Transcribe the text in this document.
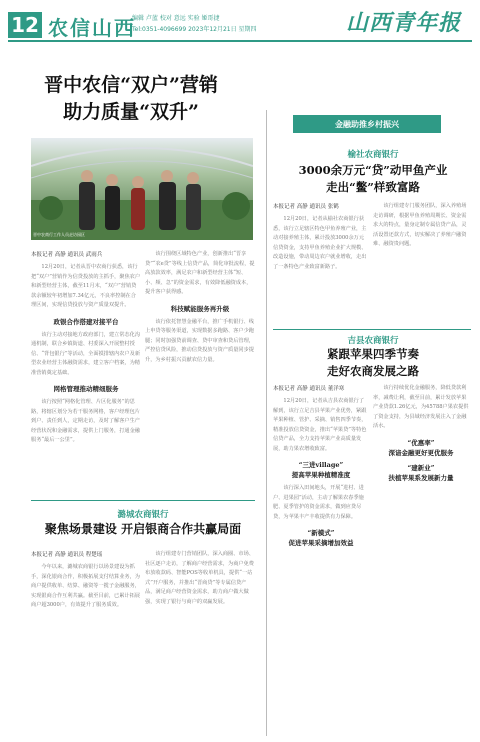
12 农信山西
编辑 卢蓝 校对 意远 实验 姬哥捷
Tel:0351-4096699 2023年12月21日 星期四	山西青年报
晋中农信“双户”营销
助力质量“双升”
晋中农商行工作人员走访园区
本报记者 高静 通讯员 武雨兵

12月20日，记者从晋中农商行获悉，该行把“双户”营销作为信贷投放的主抓手，聚焦农户和新型经营主体，截至11月末，“双户”营销贷款余额较年初增加7.34亿元，不良率控制在合理区间，实现信贷投放与资产质量双提升。

政银合作搭建对接平台

该行主动对接地方政府部门，建立常态化沟通机制，联合乡镇街道、村委深入开展整村授信、“背包银行”等活动，全面摸排辖内农户及新型农业经营主体融资需求，建立客户档案，为精准营销奠定基础。

网格管理推动精细服务

该行按照“网格化管理、片区化服务”的思路，将辖区划分为若干服务网格，客户经理包片到户、责任到人，定期走访，及时了解客户生产经营状况和金融需求，提供上门服务，打通金融服务“最后一公里”。

该行围绕区域特色产业，创新推出“晋享贷”“农e贷”等线上信贷产品，简化审批流程，提高放款效率，满足农户和新型经营主体“短、小、频、急”的资金需求，有效降低融资成本，提升客户获得感。

科技赋能服务再升级

该行依托智慧金融平台，推广手机银行、线上申贷等服务渠道，实现数据多跑路、客户少跑腿；同时加强贷前调查、贷中审查和贷后管理，严控信贷风险，推动信贷投放与资产质量同步提升，为乡村振兴贡献农信力量。

潞城农商银行
聚焦场景建设 开启银商合作共赢局面
本报记者 高静 通讯员 程楚瑶

今年以来，潞城农商银行以场景建设为抓手，深化银商合作，积极拓展支付结算业务，为商户提供收单、结算、融资等一揽子金融服务，实现银商合作互利共赢。截至目前，已累计拓展商户超3000户，有效提升了服务质效。

该行组建专门营销团队，深入商圈、市场、社区逐户走访，了解商户经营需求，为商户免费布放收款码、智能POS等收单机具，提供“一站式”开户服务，并推出“晋商贷”等专属信贷产品，满足商户经营资金需求，助力商户做大做强，实现了银行与商户的双赢发展。

金融助推乡村振兴
榆社农商银行
3000余万元“贷”动甲鱼产业
走出“鳖”样致富路
本报记者 高静 通讯员 张鹤

12月20日，记者从榆社农商银行获悉，该行立足辖区特色甲鱼养殖产业，主动对接养殖主体，累计投放3000余万元信贷资金，支持甲鱼养殖企业扩大规模、改造设施，带动周边农户就业增收，走出了一条特色产业致富新路子。

该行组建专门服务团队，深入养殖场走访调研，根据甲鱼养殖周期长、资金需求大的特点，量身定制专属信贷产品，灵活设置还款方式，切实解决了养殖户融资难、融资贵问题。

吉县农商银行
紧跟苹果四季节奏
走好农商发展之路
本报记者 高静 通讯员 董洋寒

12月20日，记者从吉县农商银行了解到，该行立足吉县苹果产业优势，紧跟苹果种植、管护、采摘、销售四季节奏，精准投放信贷资金，推出“苹果贷”等特色信贷产品，全力支持苹果产业高质量发展，助力果农增收致富。

“三进village”
提高苹果种植精准度

该行深入田间地头，开展“进村、进户、进果园”活动，主动了解果农春季施肥、夏季管护的资金需求，做到应贷尽贷，为苹果丰产丰收提供有力保障。

“新模式”
促进苹果采摘增加效益

该行持续优化金融服务，降低贷款利率，减费让利，截至目前，累计发放苹果产业贷款1.26亿元，为45788户果农提供了资金支持，为县域经济发展注入了金融活水。

“优惠率”
深谙金融更好更优服务
“建新业”
扶植苹果系发展新力量
